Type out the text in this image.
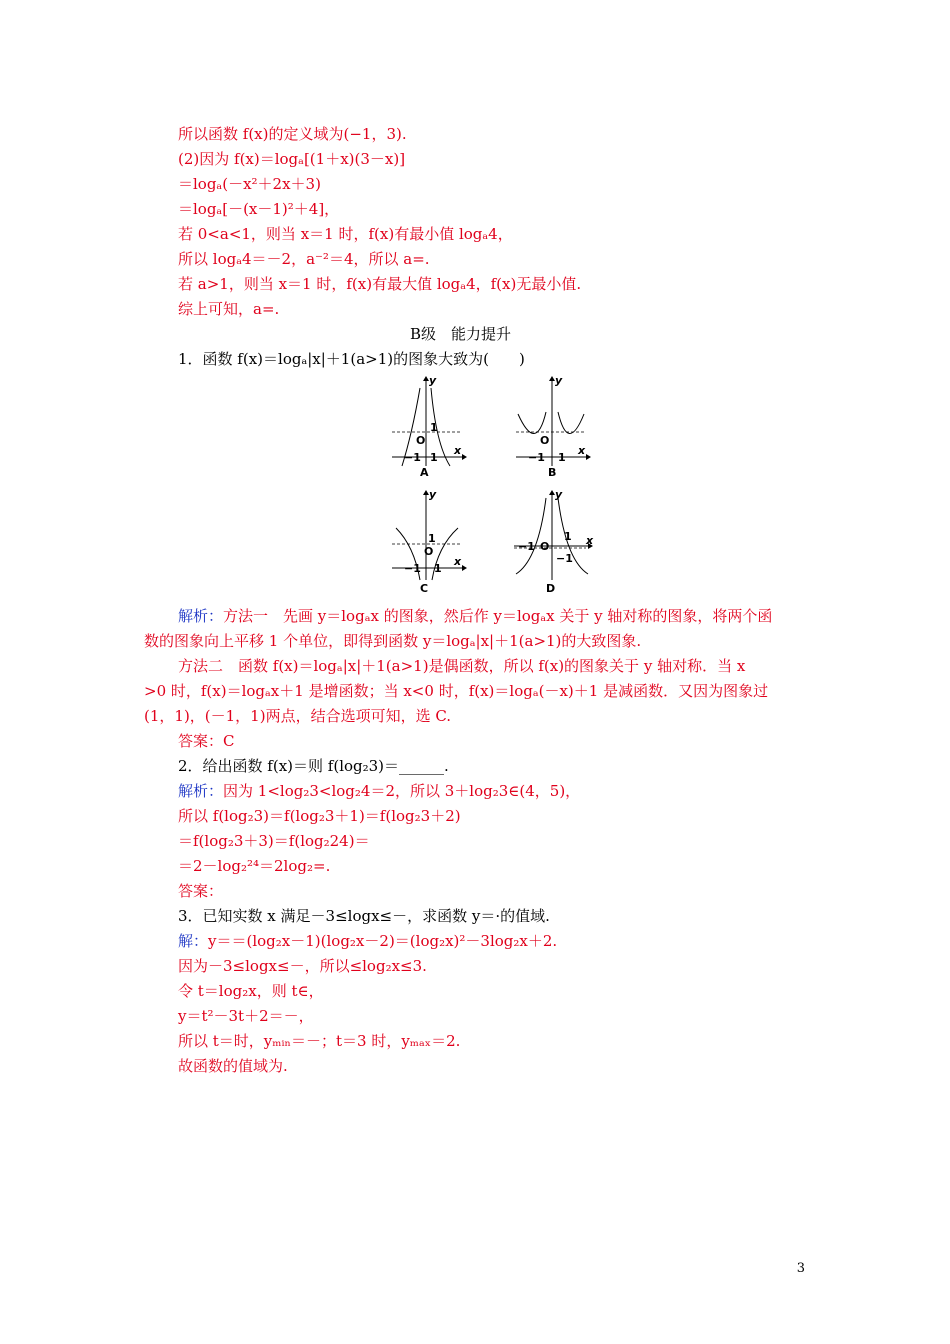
所以函数 f(x)的定义域为(−1，3).
(2)因为 f(x)＝logₐ[(1＋x)(3－x)]
＝logₐ(－x²＋2x＋3)
＝logₐ[－(x－1)²＋4]，
若 0<a<1，则当 x＝1 时，f(x)有最小值 logₐ4，
所以 logₐ4＝－2，a⁻²＝4，所以 a=.
若 a>1，则当 x＝1 时，f(x)有最大值 logₐ4，f(x)无最小值.
综上可知，a=.
B级　能力提升
1．函数 f(x)＝logₐ|x|＋1(a>1)的图象大致为(　　)
1
O
−1 1
x
y
A
O
−1 1
x
y
B
1
O
−1 1
x
y
C
1
O
−1
−1
x
y
D
解析：方法一　先画 y＝logₐx 的图象，然后作 y＝logₐx 关于 y 轴对称的图象，将两个函
数的图象向上平移 1 个单位，即得到函数 y＝logₐ|x|＋1(a>1)的大致图象.
方法二　函数 f(x)＝logₐ|x|＋1(a>1)是偶函数，所以 f(x)的图象关于 y 轴对称．当 x
>0 时，f(x)＝logₐx＋1 是增函数；当 x<0 时，f(x)＝logₐ(－x)＋1 是减函数．又因为图象过
(1，1)，(－1，1)两点，结合选项可知，选 C.
答案：C
2．给出函数 f(x)＝则 f(log₂3)＝______.
解析：因为 1<log₂3<log₂4＝2，所以 3＋log₂3∈(4，5)，
所以 f(log₂3)＝f(log₂3＋1)＝f(log₂3＋2)
＝f(log₂3＋3)＝f(log₂24)＝
＝2－log₂²⁴＝2log₂=.
答案：
3．已知实数 x 满足－3≤logx≤－，求函数 y＝·的值域.
解：y＝＝(log₂x－1)(log₂x－2)＝(log₂x)²－3log₂x＋2.
因为－3≤logx≤－，所以≤log₂x≤3.
令 t＝log₂x，则 t∈，
y＝t²－3t＋2＝－，
所以 t＝时，yₘᵢₙ＝－；t＝3 时，yₘₐₓ＝2.
故函数的值域为.
3
